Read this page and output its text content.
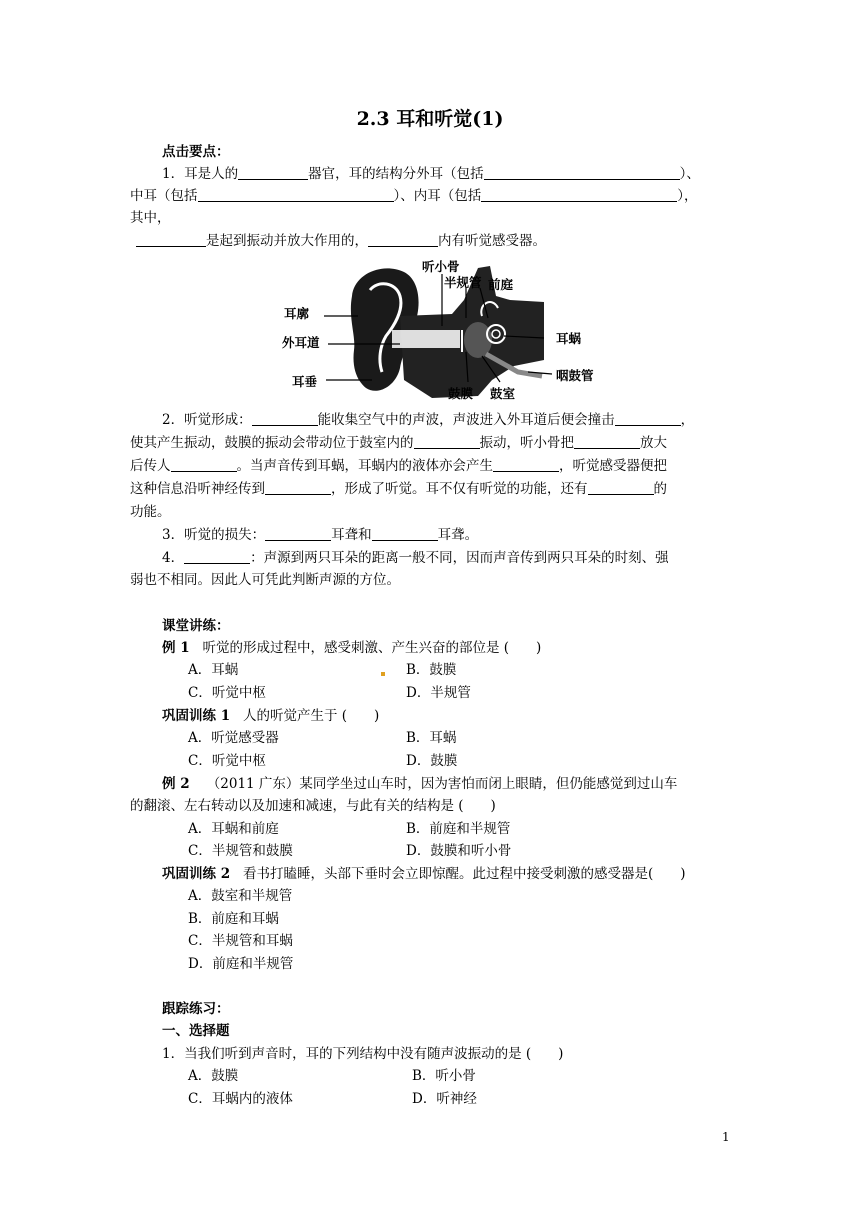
2.3 耳和听觉(1)
点击要点：
1．耳是人的	器官，耳的结构分外耳（包括	）、
中耳（包括	）、内耳（包括	），
其中，
是起到振动并放大作用的，	内有听觉感受器。
听小骨
半规管 前庭
耳廓
外耳道	耳蜗
耳垂	咽鼓管
鼓膜 鼓室
2．听觉形成：	能收集空气中的声波，声波进入外耳道后便会撞击	，
使其产生振动，鼓膜的振动会带动位于鼓室内的	振动，听小骨把	放大
后传人	。当声音传到耳蜗，耳蜗内的液体亦会产生	，听觉感受器便把
这种信息沿听神经传到	，形成了听觉。耳不仅有听觉的功能，还有	的
功能。
3．听觉的损失：	耳聋和	耳聋。
4．	：声源到两只耳朵的距离一般不同，因而声音传到两只耳朵的时刻、强
弱也不相同。因此人可凭此判断声源的方位。
课堂讲练：
例 1 听觉的形成过程中，感受刺激、产生兴奋的部位是 (　　)
A．耳蜗	B．鼓膜
C．听觉中枢	D．半规管
巩固训练 1 人的听觉产生于 (　　)
A．听觉感受器	B．耳蜗
C．听觉中枢	D．鼓膜
例 2 （2011 广东）某同学坐过山车时，因为害怕而闭上眼睛，但仍能感觉到过山车
的翻滚、左右转动以及加速和减速，与此有关的结构是 (　　)
A．耳蜗和前庭	B．前庭和半规管
C．半规管和鼓膜	D．鼓膜和听小骨
巩固训练 2 看书打瞌睡，头部下垂时会立即惊醒。此过程中接受刺激的感受器是(　　)
A．鼓室和半规管
B．前庭和耳蜗
C．半规管和耳蜗
D．前庭和半规管
跟踪练习：
一、选择题
1．当我们听到声音时，耳的下列结构中没有随声波振动的是 (　　)
A．鼓膜	B．听小骨
C．耳蜗内的液体	D．听神经
1
